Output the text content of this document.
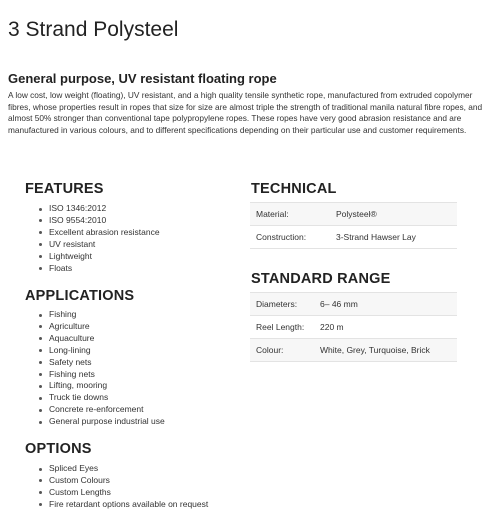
3 Strand Polysteel
General purpose, UV resistant floating rope

A low cost, low weight (floating), UV resistant, and a high quality tensile synthetic rope, manufactured from extruded copolymer fibres, whose properties result in ropes that size for size are almost triple the strength of traditional manila natural fibre ropes, and almost 50% stronger than conventional tape polypropylene ropes. These ropes have very good abrasion resistance and are manufactured in various colours, and to different specifications depending on their particular use and customer requirements.

FEATURES
ISO 1346:2012
ISO 9554:2010
Excellent abrasion resistance
UV resistant
Lightweight
Floats
APPLICATIONS
Fishing
Agriculture
Aquaculture
Long-lining
Safety nets
Fishing nets
Lifting, mooring
Truck tie downs
Concrete re-enforcement
General purpose industrial use
OPTIONS
Spliced Eyes
Custom Colours
Custom Lengths
Fire retardant options available on request
TECHNICAL
Material:	Polysteel®
Construction:	3-Strand Hawser Lay
STANDARD RANGE
Diameters:	6– 46 mm
Reel Length:	220 m
Colour:	White, Grey, Turquoise, Brick
